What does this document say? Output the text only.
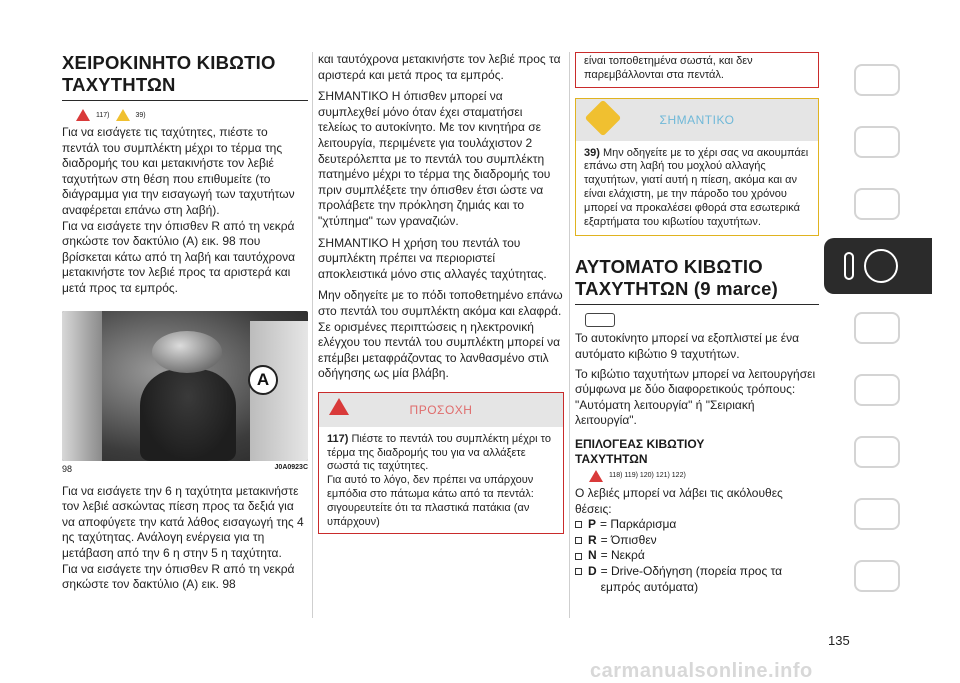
ΧΕΙΡΟΚΙΝΗΤΟ ΚΙΒΩΤΙΟ
ΤΑΧΥΤΗΤΩΝ
117)	39)

Για να εισάγετε τις ταχύτητες, πιέστε το πεντάλ του συμπλέκτη μέχρι το τέρμα της διαδρομής του και μετακινήστε τον λεβιέ ταχυτήτων στη θέση που επιθυμείτε (το διάγραμμα για την εισαγωγή των ταχυτήτων αναφέρεται επάνω στη λαβή).

Για να εισάγετε την όπισθεν R από τη νεκρά σηκώστε τον δακτύλιο (A) εικ. 98 που βρίσκεται κάτω από τη λαβή και ταυτόχρονα μετακινήστε τον λεβιέ προς τα αριστερά και μετά προς τα εμπρός.

A
98	J0A0923C

Για να εισάγετε την 6 η ταχύτητα μετακινήστε τον λεβιέ ασκώντας πίεση προς τα δεξιά για να αποφύγετε την κατά λάθος εισαγωγή της 4 ης ταχύτητας. Ανάλογη ενέργεια για τη μετάβαση από την 6 η στην 5 η ταχύτητα.

Για να εισάγετε την όπισθεν R από τη νεκρά σηκώστε τον δακτύλιο (A) εικ. 98

και ταυτόχρονα μετακινήστε τον λεβιέ προς τα αριστερά και μετά προς τα εμπρός.

ΣΗΜΑΝΤΙΚΟ Η όπισθεν μπορεί να συμπλεχθεί μόνο όταν έχει σταματήσει τελείως το αυτοκίνητο. Με τον κινητήρα σε λειτουργία, περιμένετε για τουλάχιστον 2 δευτερόλεπτα με το πεντάλ του συμπλέκτη πατημένο μέχρι το τέρμα της διαδρομής του πριν συμπλέξετε την όπισθεν έτσι ώστε να προλάβετε την πρόκληση ζημιάς και το "χτύπημα" των γραναζιών.

ΣΗΜΑΝΤΙΚΟ Η χρήση του πεντάλ του συμπλέκτη πρέπει να περιοριστεί αποκλειστικά μόνο στις αλλαγές ταχύτητας.

Μην οδηγείτε με το πόδι τοποθετημένο επάνω στο πεντάλ του συμπλέκτη ακόμα και ελαφρά. Σε ορισμένες περιπτώσεις η ηλεκτρονική ελέγχου του πεντάλ του συμπλέκτη μπορεί να επέμβει μεταφράζοντας το λανθασμένο στιλ οδήγησης ως μία βλάβη.

ΠΡΟΣΟΧΗ
117) Πιέστε το πεντάλ του συμπλέκτη μέχρι το τέρμα της διαδρομής του για να αλλάξετε σωστά τις ταχύτητες.
Για αυτό το λόγο, δεν πρέπει να υπάρχουν εμπόδια στο πάτωμα κάτω από τα πεντάλ: σιγουρευτείτε ότι τα πλαστικά πατάκια (αν υπάρχουν)
είναι τοποθετημένα σωστά, και δεν παρεμβάλλονται στα πεντάλ.
ΣΗΜΑΝΤΙΚΟ
39) Μην οδηγείτε με το χέρι σας να ακουμπάει επάνω στη λαβή του μοχλού αλλαγής ταχυτήτων, γιατί αυτή η πίεση, ακόμα και αν είναι ελάχιστη, με την πάροδο του χρόνου μπορεί να προκαλέσει φθορά στα εσωτερικά εξαρτήματα του κιβωτίου ταχυτήτων.
ΑΥΤΟΜΑΤΟ ΚΙΒΩΤΙΟ
ΤΑΧΥΤΗΤΩΝ (9 marce)

Το αυτοκίνητο μπορεί να εξοπλιστεί με ένα αυτόματο κιβώτιο 9 ταχυτήτων.

Το κιβώτιο ταχυτήτων μπορεί να λειτουργήσει σύμφωνα με δύο διαφορετικούς τρόπους: "Αυτόματη λειτουργία" ή "Σειριακή λειτουργία".

ΕΠΙΛΟΓΕΑΣ ΚΙΒΩΤΙΟΥ
ΤΑΧΥΤΗΤΩΝ
118) 119) 120) 121) 122)

Ο λεβιές μπορεί να λάβει τις ακόλουθες θέσεις:

P = Παρκάρισμα
R = Όπισθεν
N = Νεκρά
D = Drive-Οδήγηση (πορεία προς τα εμπρός αυτόματα)
135
carmanualsonline.info
